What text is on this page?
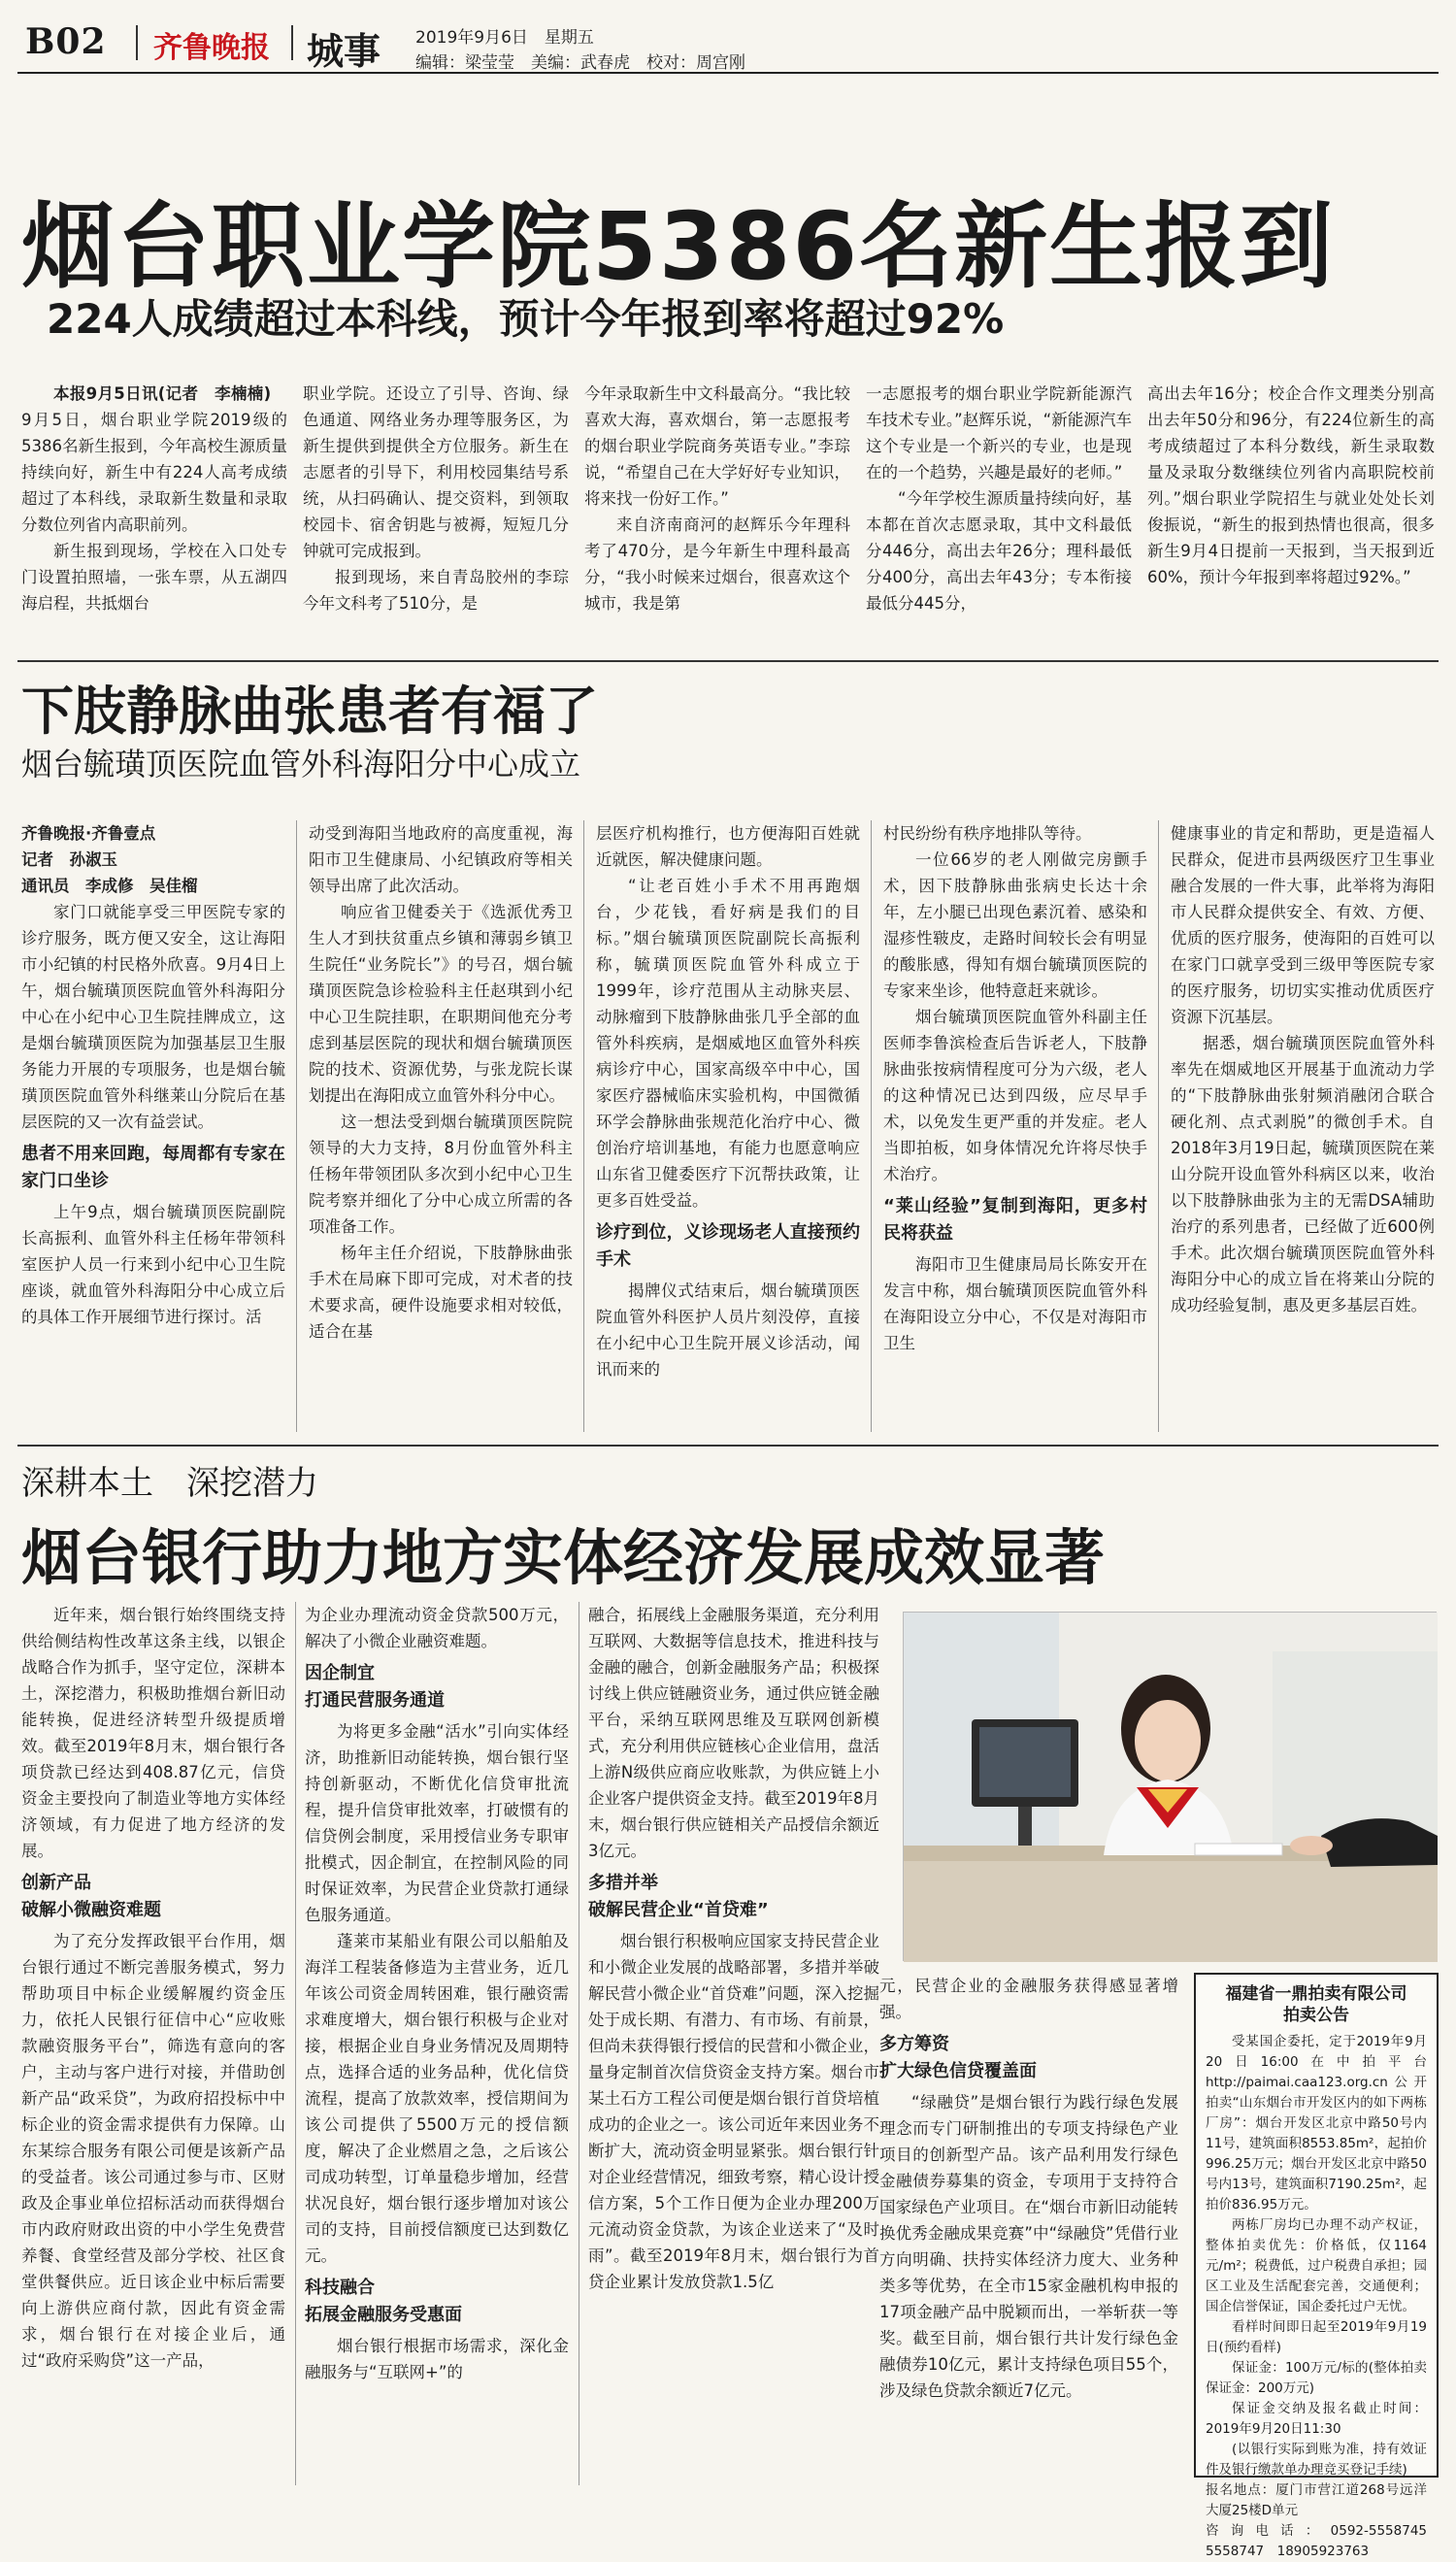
B02 齐鲁晚报 城事 2019年9月6日　星期五
编辑：梁莹莹　美编：武春虎　校对：周宫刚
烟台职业学院5386名新生报到
224人成绩超过本科线，预计今年报到率将超过92%

本报9月5日讯(记者　李楠楠)　9月5日，烟台职业学院2019级的5386名新生报到，今年高校生源质量持续向好，新生中有224人高考成绩超过了本科线，录取新生数量和录取分数位列省内高职前列。

新生报到现场，学校在入口处专门设置拍照墙，一张车票，从五湖四海启程，共抵烟台

职业学院。还设立了引导、咨询、绿色通道、网络业务办理等服务区，为新生提供到提供全方位服务。新生在志愿者的引导下，利用校园集结号系统，从扫码确认、提交资料，到领取校园卡、宿舍钥匙与被褥，短短几分钟就可完成报到。

报到现场，来自青岛胶州的李琮今年文科考了510分，是

今年录取新生中文科最高分。“我比较喜欢大海，喜欢烟台，第一志愿报考的烟台职业学院商务英语专业。”李琮说，“希望自己在大学好好专业知识，将来找一份好工作。”

来自济南商河的赵辉乐今年理科考了470分，是今年新生中理科最高分，“我小时候来过烟台，很喜欢这个城市，我是第

一志愿报考的烟台职业学院新能源汽车技术专业。”赵辉乐说，“新能源汽车这个专业是一个新兴的专业，也是现在的一个趋势，兴趣是最好的老师。”

“今年学校生源质量持续向好，基本都在首次志愿录取，其中文科最低分446分，高出去年26分；理科最低分400分，高出去年43分；专本衔接最低分445分，

高出去年16分；校企合作文理类分别高出去年50分和96分，有224位新生的高考成绩超过了本科分数线，新生录取数量及录取分数继续位列省内高职院校前列。”烟台职业学院招生与就业处处长刘俊振说，“新生的报到热情也很高，很多新生9月4日提前一天报到，当天报到近60%，预计今年报到率将超过92%。”

下肢静脉曲张患者有福了
烟台毓璜顶医院血管外科海阳分中心成立

齐鲁晚报·齐鲁壹点
记者　孙淑玉
通讯员　李成修　吴佳榴

家门口就能享受三甲医院专家的诊疗服务，既方便又安全，这让海阳市小纪镇的村民格外欣喜。9月4日上午，烟台毓璜顶医院血管外科海阳分中心在小纪中心卫生院挂牌成立，这是烟台毓璜顶医院为加强基层卫生服务能力开展的专项服务，也是烟台毓璜顶医院血管外科继莱山分院后在基层医院的又一次有益尝试。

患者不用来回跑，每周都有专家在家门口坐诊

上午9点，烟台毓璜顶医院副院长高振利、血管外科主任杨年带领科室医护人员一行来到小纪中心卫生院座谈，就血管外科海阳分中心成立后的具体工作开展细节进行探讨。活

动受到海阳当地政府的高度重视，海阳市卫生健康局、小纪镇政府等相关领导出席了此次活动。

响应省卫健委关于《选派优秀卫生人才到扶贫重点乡镇和薄弱乡镇卫生院任“业务院长”》的号召，烟台毓璜顶医院急诊检验科主任赵琪到小纪中心卫生院挂职，在职期间他充分考虑到基层医院的现状和烟台毓璜顶医院的技术、资源优势，与张龙院长谋划提出在海阳成立血管外科分中心。

这一想法受到烟台毓璜顶医院院领导的大力支持，8月份血管外科主任杨年带领团队多次到小纪中心卫生院考察并细化了分中心成立所需的各项准备工作。

杨年主任介绍说，下肢静脉曲张手术在局麻下即可完成，对术者的技术要求高，硬件设施要求相对较低，适合在基

层医疗机构推行，也方便海阳百姓就近就医，解决健康问题。

“让老百姓小手术不用再跑烟台，少花钱，看好病是我们的目标。”烟台毓璜顶医院副院长高振利称，毓璜顶医院血管外科成立于1999年，诊疗范围从主动脉夹层、动脉瘤到下肢静脉曲张几乎全部的血管外科疾病，是烟威地区血管外科疾病诊疗中心，国家高级卒中中心，国家医疗器械临床实验机构，中国微循环学会静脉曲张规范化治疗中心、微创治疗培训基地，有能力也愿意响应山东省卫健委医疗下沉帮扶政策，让更多百姓受益。

诊疗到位，义诊现场老人直接预约手术

揭牌仪式结束后，烟台毓璜顶医院血管外科医护人员片刻没停，直接在小纪中心卫生院开展义诊活动，闻讯而来的

村民纷纷有秩序地排队等待。

一位66岁的老人刚做完房颤手术，因下肢静脉曲张病史长达十余年，左小腿已出现色素沉着、感染和湿疹性皲皮，走路时间较长会有明显的酸胀感，得知有烟台毓璜顶医院的专家来坐诊，他特意赶来就诊。

烟台毓璜顶医院血管外科副主任医师李鲁滨检查后告诉老人，下肢静脉曲张按病情程度可分为六级，老人的这种情况已达到四级，应尽早手术，以免发生更严重的并发症。老人当即拍板，如身体情况允许将尽快手术治疗。

“莱山经验”复制到海阳，更多村民将获益

海阳市卫生健康局局长陈安开在发言中称，烟台毓璜顶医院血管外科在海阳设立分中心，不仅是对海阳市卫生

健康事业的肯定和帮助，更是造福人民群众，促进市县两级医疗卫生事业融合发展的一件大事，此举将为海阳市人民群众提供安全、有效、方便、优质的医疗服务，使海阳的百姓可以在家门口就享受到三级甲等医院专家的医疗服务，切切实实推动优质医疗资源下沉基层。

据悉，烟台毓璜顶医院血管外科率先在烟威地区开展基于血流动力学的“下肢静脉曲张射频消融闭合联合硬化剂、点式剥脱”的微创手术。自2018年3月19日起，毓璜顶医院在莱山分院开设血管外科病区以来，收治以下肢静脉曲张为主的无需DSA辅助治疗的系列患者，已经做了近600例手术。此次烟台毓璜顶医院血管外科海阳分中心的成立旨在将莱山分院的成功经验复制，惠及更多基层百姓。

深耕本土　深挖潜力
烟台银行助力地方实体经济发展成效显著

近年来，烟台银行始终围绕支持供给侧结构性改革这条主线，以银企战略合作为抓手，坚守定位，深耕本土，深挖潜力，积极助推烟台新旧动能转换，促进经济转型升级提质增效。截至2019年8月末，烟台银行各项贷款已经达到408.87亿元，信贷资金主要投向了制造业等地方实体经济领域，有力促进了地方经济的发展。

创新产品
破解小微融资难题

为了充分发挥政银平台作用，烟台银行通过不断完善服务模式，努力帮助项目中标企业缓解履约资金压力，依托人民银行征信中心“应收账款融资服务平台”，筛选有意向的客户，主动与客户进行对接，并借助创新产品“政采贷”，为政府招投标中中标企业的资金需求提供有力保障。山东某综合服务有限公司便是该新产品的受益者。该公司通过参与市、区财政及企事业单位招标活动而获得烟台市内政府财政出资的中小学生免费营养餐、食堂经营及部分学校、社区食堂供餐供应。近日该企业中标后需要向上游供应商付款，因此有资金需求，烟台银行在对接企业后，通过“政府采购贷”这一产品，

为企业办理流动资金贷款500万元，解决了小微企业融资难题。

因企制宜
打通民营服务通道

为将更多金融“活水”引向实体经济，助推新旧动能转换，烟台银行坚持创新驱动，不断优化信贷审批流程，提升信贷审批效率，打破惯有的信贷例会制度，采用授信业务专职审批模式，因企制宜，在控制风险的同时保证效率，为民营企业贷款打通绿色服务通道。

蓬莱市某船业有限公司以船舶及海洋工程装备修造为主营业务，近几年该公司资金周转困难，银行融资需求难度增大，烟台银行积极与企业对接，根据企业自身业务情况及周期特点，选择合适的业务品种，优化信贷流程，提高了放款效率，授信期间为该公司提供了5500万元的授信额度，解决了企业燃眉之急，之后该公司成功转型，订单量稳步增加，经营状况良好，烟台银行逐步增加对该公司的支持，目前授信额度已达到数亿元。

科技融合
拓展金融服务受惠面

烟台银行根据市场需求，深化金融服务与“互联网+”的

融合，拓展线上金融服务渠道，充分利用互联网、大数据等信息技术，推进科技与金融的融合，创新金融服务产品；积极探讨线上供应链融资业务，通过供应链金融平台，采纳互联网思维及互联网创新模式，充分利用供应链核心企业信用，盘活上游N级供应商应收账款，为供应链上小企业客户提供资金支持。截至2019年8月末，烟台银行供应链相关产品授信余额近3亿元。

多措并举
破解民营企业“首贷难”

烟台银行积极响应国家支持民营企业和小微企业发展的战略部署，多措并举破解民营小微企业“首贷难”问题，深入挖掘处于成长期、有潜力、有市场、有前景，但尚未获得银行授信的民营和小微企业，量身定制首次信贷资金支持方案。烟台市某土石方工程公司便是烟台银行首贷培植成功的企业之一。该公司近年来因业务不断扩大，流动资金明显紧张。烟台银行针对企业经营情况，细致考察，精心设计授信方案，5个工作日便为企业办理200万元流动资金贷款，为该企业送来了“及时雨”。截至2019年8月末，烟台银行为首贷企业累计发放贷款1.5亿

元，民营企业的金融服务获得感显著增强。

多方筹资
扩大绿色信贷覆盖面

“绿融贷”是烟台银行为践行绿色发展理念而专门研制推出的专项支持绿色产业项目的创新型产品。该产品利用发行绿色金融债券募集的资金，专项用于支持符合国家绿色产业项目。在“烟台市新旧动能转换优秀金融成果竞赛”中“绿融贷”凭借行业方向明确、扶持实体经济力度大、业务种类多等优势，在全市15家金融机构申报的17项金融产品中脱颖而出，一举斩获一等奖。截至目前，烟台银行共计发行绿色金融债券10亿元，累计支持绿色项目55个，涉及绿色贷款余额近7亿元。

福建省一鼎拍卖有限公司
拍卖公告

受某国企委托，定于2019年9月20日16:00在中拍平台http://paimai.caa123.org.cn公开拍卖“山东烟台市开发区内的如下两栋厂房”：烟台开发区北京中路50号内11号，建筑面积8553.85m²，起拍价996.25万元；烟台开发区北京中路50号内13号，建筑面积7190.25m²，起拍价836.95万元。

两栋厂房均已办理不动产权证，整体拍卖优先：价格低，仅1164元/m²；税费低，过户税费自承担；园区工业及生活配套完善，交通便利；国企信誉保证，国企委托过户无忧。

看样时间即日起至2019年9月19日(预约看样)

保证金：100万元/标的(整体拍卖保证金：200万元)

保证金交纳及报名截止时间：2019年9月20日11:30

(以银行实际到账为准，持有效证件及银行缴款单办理竞买登记手续)

报名地点：厦门市营江道268号远洋大厦25楼D单元
咨询电话：0592-5558745　5558747　18905923763
